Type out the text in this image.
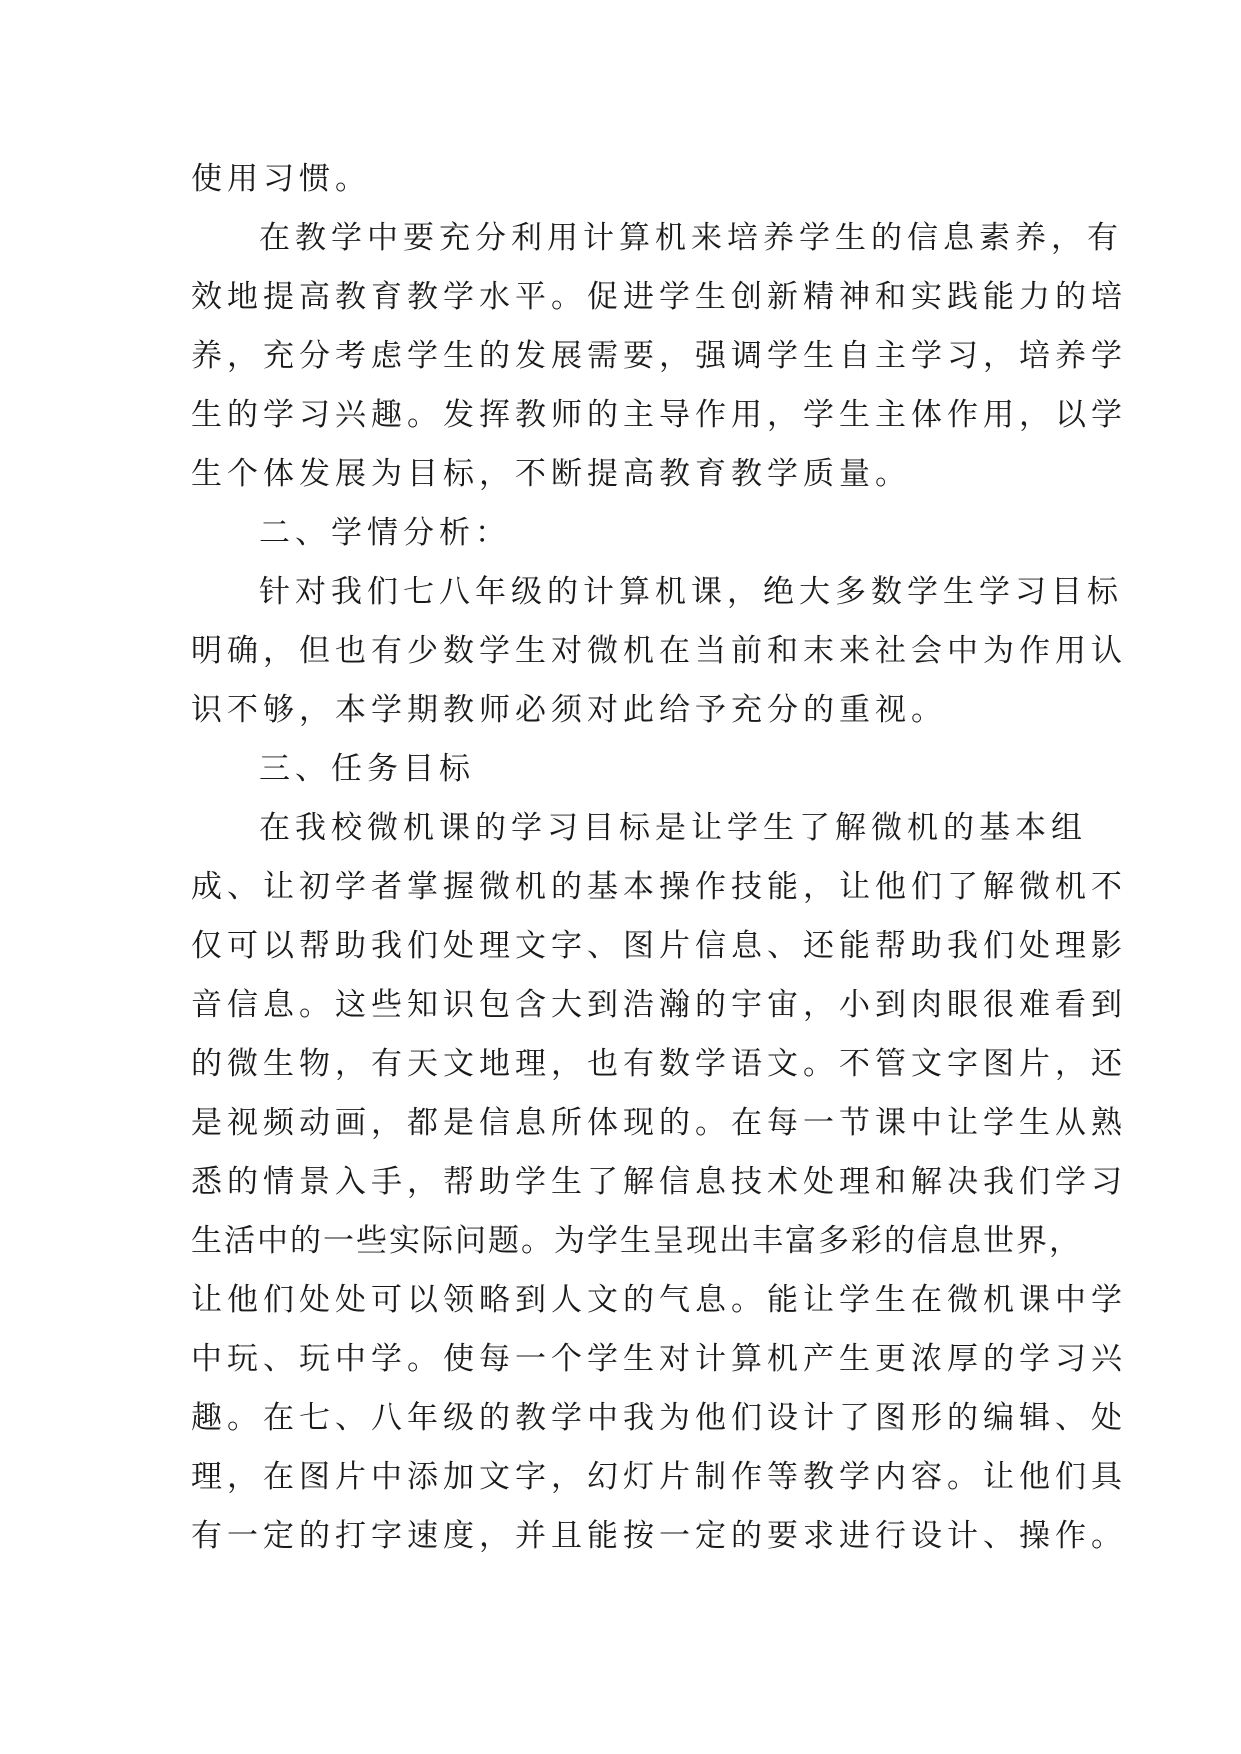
使用习惯。
在教学中要充分利用计算机来培养学生的信息素养，有
效地提高教育教学水平。促进学生创新精神和实践能力的培
养，充分考虑学生的发展需要，强调学生自主学习，培养学
生的学习兴趣。发挥教师的主导作用，学生主体作用，以学
生个体发展为目标，不断提高教育教学质量。
二、学情分析：
针对我们七八年级的计算机课，绝大多数学生学习目标
明确，但也有少数学生对微机在当前和末来社会中为作用认
识不够，本学期教师必须对此给予充分的重视。
三、任务目标
在我校微机课的学习目标是让学生了解微机的基本组
成、让初学者掌握微机的基本操作技能，让他们了解微机不
仅可以帮助我们处理文字、图片信息、还能帮助我们处理影
音信息。这些知识包含大到浩瀚的宇宙，小到肉眼很难看到
的微生物，有天文地理，也有数学语文。不管文字图片，还
是视频动画，都是信息所体现的。在每一节课中让学生从熟
悉的情景入手，帮助学生了解信息技术处理和解决我们学习
生活中的一些实际问题。为学生呈现出丰富多彩的信息世界，
让他们处处可以领略到人文的气息。能让学生在微机课中学
中玩、玩中学。使每一个学生对计算机产生更浓厚的学习兴
趣。在七、八年级的教学中我为他们设计了图形的编辑、处
理，在图片中添加文字，幻灯片制作等教学内容。让他们具
有一定的打字速度，并且能按一定的要求进行设计、操作。
